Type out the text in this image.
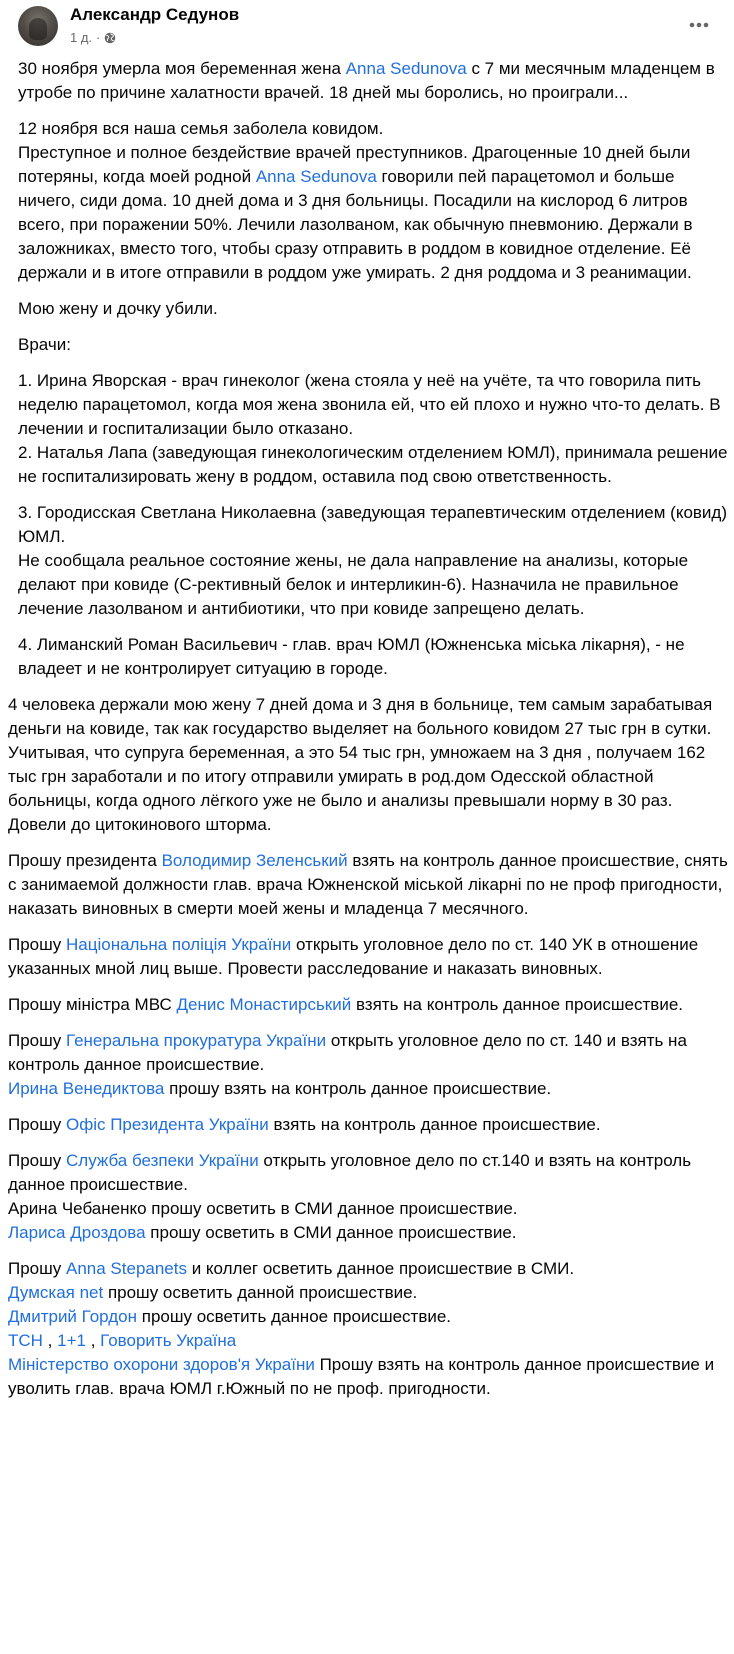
Александр Седунов
1 д. ·
30 ноября умерла моя беременная жена Anna Sedunova с 7 ми месячным младенцем в утробе по причине халатности врачей. 18 дней мы боролись, но проиграли...
12 ноября вся наша семья заболела ковидом.
Преступное и полное бездействие врачей преступников. Драгоценные 10 дней были потеряны, когда моей родной Anna Sedunova говорили пей парацетомол и больше ничего, сиди дома. 10 дней дома и 3 дня больницы. Посадили на кислород 6 литров всего, при поражении 50%. Лечили лазолваном, как обычную пневмонию. Держали в заложниках, вместо того, чтобы сразу отправить в роддом в ковидное отделение. Её держали и в итоге отправили в роддом уже умирать. 2 дня роддома и 3 реанимации.
Мою жену и дочку убили.
Врачи:
1. Ирина Яворская - врач гинеколог (жена стояла у неё на учёте, та что говорила пить неделю парацетомол, когда моя жена звонила ей, что ей плохо и нужно что-то делать. В лечении и госпитализации было отказано.
2. Наталья Лапа (заведующая гинекологическим отделением ЮМЛ), принимала решение не госпитализировать жену в роддом, оставила под свою ответственность.
3. Городисская Светлана Николаевна (заведующая терапевтическим отделением (ковид) ЮМЛ.
Не сообщала реальное состояние жены, не дала направление на анализы, которые делают при ковиде (С-рективный белок и интерликин-6). Назначила не правильное лечение лазолваном и антибиотики, что при ковиде запрещено делать.
4. Лиманский Роман Васильевич - глав. врач ЮМЛ (Южненська міська лікарня), - не владеет и не контролирует ситуацию в городе.
4 человека держали мою жену 7 дней дома и 3 дня в больнице, тем самым зарабатывая деньги на ковиде, так как государство выделяет на больного ковидом 27 тыс грн в сутки. Учитывая, что супруга беременная, а это 54 тыс грн, умножаем на 3 дня , получаем 162 тыс грн заработали и по итогу отправили умирать в род.дом Одесской областной больницы, когда одного лёгкого уже не было и анализы превышали норму в 30 раз. Довели до цитокинового шторма.
Прошу президента Володимир Зеленський взять на контроль данное происшествие, снять с занимаемой должности глав. врача Южненской міськой лікарні по не проф пригодности, наказать виновных в смерти моей жены и младенца 7 месячного.
Прошу Національна поліція України открыть уголовное дело по ст. 140 УК в отношение указанных мной лиц выше. Провести расследование и наказать виновных.
Прошу міністра МВС Денис Монастирський взять на контроль данное происшествие.
Прошу Генеральна прокуратура України открыть уголовное дело по ст. 140 и взять на контроль данное происшествие.
Ирина Венедиктова прошу взять на контроль данное происшествие.
Прошу Офіс Президента України взять на контроль данное происшествие.
Прошу Служба безпеки України открыть уголовное дело по ст.140 и взять на контроль данное происшествие.
Арина Чебаненко прошу осветить в СМИ данное происшествие.
Лариса Дроздова прошу осветить в СМИ данное происшествие.
Прошу Anna Stepanets и коллег осветить данное происшествие в СМИ.
Думская net прошу осветить данной происшествие.
Дмитрий Гордон прошу осветить данное происшествие.
ТСН , 1+1 , Говорить Україна
Міністерство охорони здоров'я України Прошу взять на контроль данное происшествие и уволить глав. врача ЮМЛ г.Южный по не проф. пригодности.
